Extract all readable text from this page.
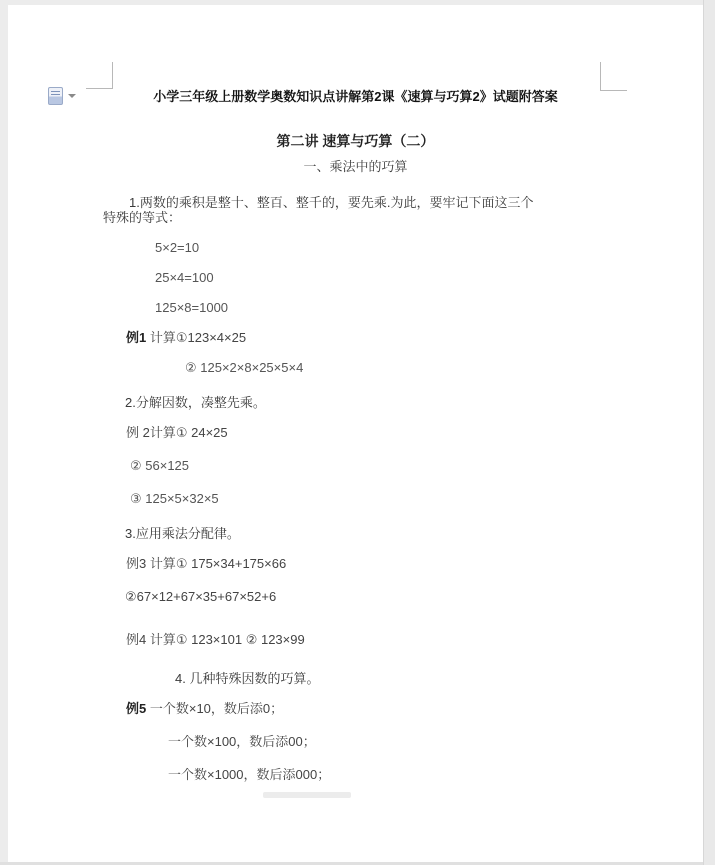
小学三年级上册数学奥数知识点讲解第2课《速算与巧算2》试题附答案
第二讲 速算与巧算（二）
一、乘法中的巧算
1.两数的乘积是整十、整百、整千的，要先乘.为此，要牢记下面这三个
特殊的等式：
5×2=10
25×4=100
125×8=1000
例1 计算①123×4×25
② 125×2×8×25×5×4
2.分解因数，凑整先乘。
例 2计算① 24×25
② 56×125
③ 125×5×32×5
3.应用乘法分配律。
例3 计算① 175×34+175×66
②67×12+67×35+67×52+6
例4 计算① 123×101 ② 123×99
4. 几种特殊因数的巧算。
例5 一个数×10，数后添0；
一个数×100，数后添00；
一个数×1000，数后添000；
